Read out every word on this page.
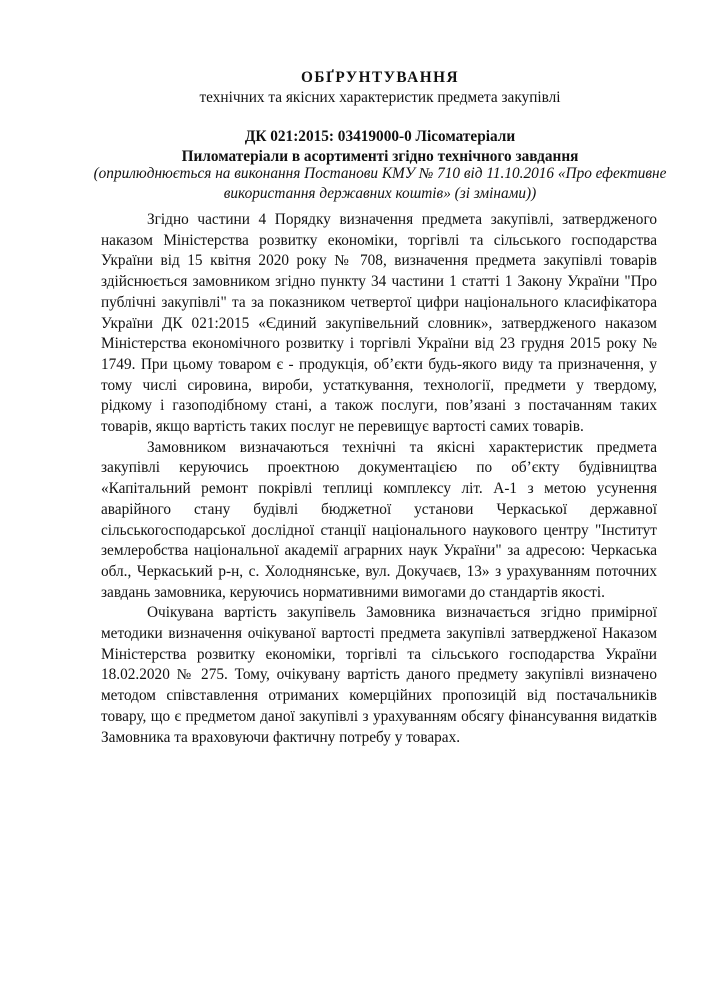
ОБҐРУНТУВАННЯ
технічних та якісних характеристик предмета закупівлі
ДК 021:2015: 03419000-0 Лісоматеріали
Пиломатеріали в асортименті згідно технічного завдання
(оприлюднюється на виконання Постанови КМУ № 710 від 11.10.2016 «Про ефективне використання державних коштів» (зі змінами))

Згідно частини 4 Порядку визначення предмета закупівлі, затвердженого наказом Міністерства розвитку економіки, торгівлі та сільського господарства України від 15 квітня 2020 року № 708, визначення предмета закупівлі товарів здійснюється замовником згідно пункту 34 частини 1 статті 1 Закону України "Про публічні закупівлі" та за показником четвертої цифри національного класифікатора України ДК 021:2015 «Єдиний закупівельний словник», затвердженого наказом Міністерства економічного розвитку і торгівлі України від 23 грудня 2015 року № 1749. При цьому товаром є - продукція, об’єкти будь-якого виду та призначення, у тому числі сировина, вироби, устаткування, технології, предмети у твердому, рідкому і газоподібному стані, а також послуги, пов’язані з постачанням таких товарів, якщо вартість таких послуг не перевищує вартості самих товарів.

Замовником визначаються технічні та якісні характеристик предмета закупівлі керуючись проектною документацією по об’єкту будівництва «Капітальний ремонт покрівлі теплиці комплексу літ. А-1 з метою усунення аварійного стану будівлі бюджетної установи Черкаської державної сільськогосподарської дослідної станції національного наукового центру "Інститут землеробства національної академії аграрних наук України" за адресою: Черкаська обл., Черкаський р-н, с. Холоднянське, вул. Докучаєв, 13» з урахуванням поточних завдань замовника, керуючись нормативними вимогами до стандартів якості.

Очікувана вартість закупівель Замовника визначається згідно примірної методики визначення очікуваної вартості предмета закупівлі затвердженої Наказом Міністерства розвитку економіки, торгівлі та сільського господарства України 18.02.2020 № 275. Тому, очікувану вартість даного предмету закупівлі визначено методом співставлення отриманих комерційних пропозицій від постачальників товару, що є предметом даної закупівлі з урахуванням обсягу фінансування видатків Замовника та враховуючи фактичну потребу у товарах.
